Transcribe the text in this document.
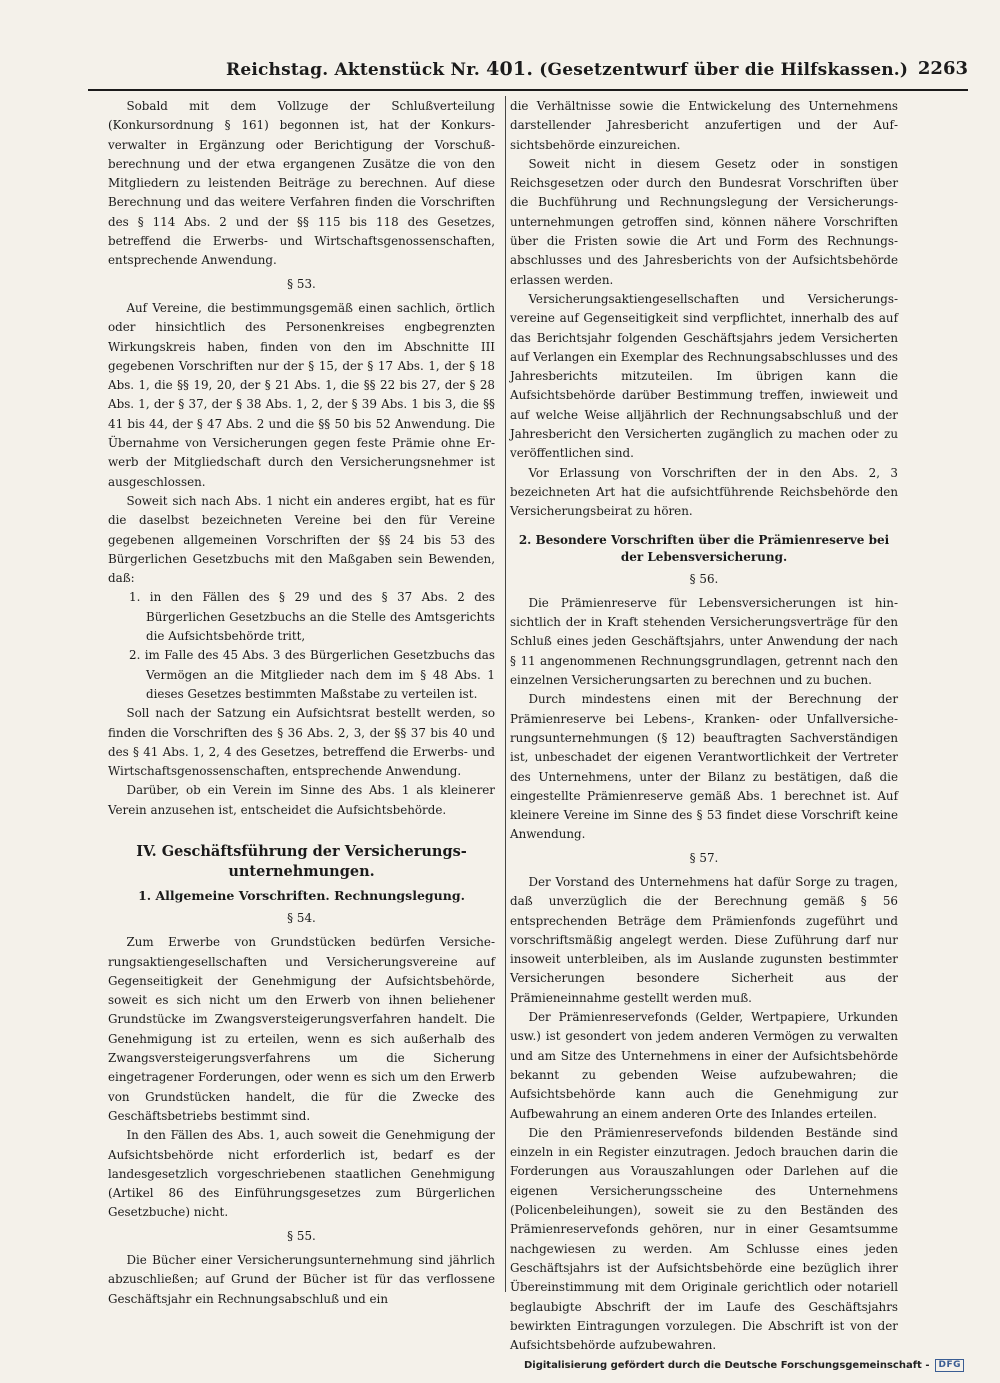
Reichstag. Aktenstück Nr. 401. (Gesetzentwurf über die Hilfskassen.) 2263

Sobald mit dem Vollzuge der Schlußverteilung (Konkursordnung § 161) begonnen ist, hat der Konkursverwalter in Ergänzung oder Berichtigung der Vorschußberechnung und der etwa ergangenen Zusätze die von den Mitgliedern zu leistenden Beiträge zu berechnen. Auf diese Berechnung und das weitere Verfahren finden die Vorschriften des § 114 Abs. 2 und der §§ 115 bis 118 des Gesetzes, betreffend die Erwerbs- und Wirtschaftsgenossenschaften, entsprechende Anwendung.

§ 53.

Auf Vereine, die bestimmungsgemäß einen sachlich, örtlich oder hinsichtlich des Personenkreises engbegrenzten Wirkungskreis haben, finden von den im Abschnitte III gegebenen Vorschriften nur der § 15, der § 17 Abs. 1, der § 18 Abs. 1, die §§ 19, 20, der § 21 Abs. 1, die §§ 22 bis 27, der § 28 Abs. 1, der § 37, der § 38 Abs. 1, 2, der § 39 Abs. 1 bis 3, die §§ 41 bis 44, der § 47 Abs. 2 und die §§ 50 bis 52 Anwendung. Die Übernahme von Versicherungen gegen feste Prämie ohne Erwerb der Mitgliedschaft durch den Versicherungsnehmer ist ausgeschlossen.

Soweit sich nach Abs. 1 nicht ein anderes ergibt, hat es für die daselbst bezeichneten Vereine bei den für Vereine gegebenen allgemeinen Vorschriften der §§ 24 bis 53 des Bürgerlichen Gesetzbuchs mit den Maßgaben sein Bewenden, daß:

1. in den Fällen des § 29 und des § 37 Abs. 2 des Bürgerlichen Gesetzbuchs an die Stelle des Amtsgerichts die Aufsichtsbehörde tritt,
2. im Falle des 45 Abs. 3 des Bürgerlichen Gesetzbuchs das Vermögen an die Mitglieder nach dem im § 48 Abs. 1 dieses Gesetzes bestimmten Maßstabe zu verteilen ist.

Soll nach der Satzung ein Aufsichtsrat bestellt werden, so finden die Vorschriften des § 36 Abs. 2, 3, der §§ 37 bis 40 und des § 41 Abs. 1, 2, 4 des Gesetzes, betreffend die Erwerbs- und Wirtschaftsgenossenschaften, entsprechende Anwendung.

Darüber, ob ein Verein im Sinne des Abs. 1 als kleinerer Verein anzusehen ist, entscheidet die Aufsichtsbehörde.

IV. Geschäftsführung der Versicherungsunternehmungen.
1. Allgemeine Vorschriften. Rechnungslegung.

§ 54.

Zum Erwerbe von Grundstücken bedürfen Versicherungsaktiengesellschaften und Versicherungsvereine auf Gegenseitigkeit der Genehmigung der Aufsichtsbehörde, soweit es sich nicht um den Erwerb von ihnen beliehener Grundstücke im Zwangsversteigerungsverfahren handelt. Die Genehmigung ist zu erteilen, wenn es sich außerhalb des Zwangsversteigerungsverfahrens um die Sicherung eingetragener Forderungen, oder wenn es sich um den Erwerb von Grundstücken handelt, die für die Zwecke des Geschäftsbetriebs bestimmt sind.

In den Fällen des Abs. 1, auch soweit die Genehmigung der Aufsichtsbehörde nicht erforderlich ist, bedarf es der landesgesetzlich vorgeschriebenen staatlichen Genehmigung (Artikel 86 des Einführungsgesetzes zum Bürgerlichen Gesetzbuche) nicht.

§ 55.

Die Bücher einer Versicherungsunternehmung sind jährlich abzuschließen; auf Grund der Bücher ist für das verflossene Geschäftsjahr ein Rechnungsabschluß und ein

die Verhältnisse sowie die Entwickelung des Unternehmens darstellender Jahresbericht anzufertigen und der Aufsichtsbehörde einzureichen.

Soweit nicht in diesem Gesetz oder in sonstigen Reichsgesetzen oder durch den Bundesrat Vorschriften über die Buchführung und Rechnungslegung der Versicherungsunternehmungen getroffen sind, können nähere Vorschriften über die Fristen sowie die Art und Form des Rechnungsabschlusses und des Jahresberichts von der Aufsichtsbehörde erlassen werden.

Versicherungsaktiengesellschaften und Versicherungsvereine auf Gegenseitigkeit sind verpflichtet, innerhalb des auf das Berichtsjahr folgenden Geschäftsjahrs jedem Versicherten auf Verlangen ein Exemplar des Rechnungsabschlusses und des Jahresberichts mitzuteilen. Im übrigen kann die Aufsichtsbehörde darüber Bestimmung treffen, inwieweit und auf welche Weise alljährlich der Rechnungsabschluß und der Jahresbericht den Versicherten zugänglich zu machen oder zu veröffentlichen sind.

Vor Erlassung von Vorschriften der in den Abs. 2, 3 bezeichneten Art hat die aufsichtführende Reichsbehörde den Versicherungsbeirat zu hören.

2. Besondere Vorschriften über die Prämienreserve bei der Lebensversicherung.

§ 56.

Die Prämienreserve für Lebensversicherungen ist hinsichtlich der in Kraft stehenden Versicherungsverträge für den Schluß eines jeden Geschäftsjahrs, unter Anwendung der nach § 11 angenommenen Rechnungsgrundlagen, getrennt nach den einzelnen Versicherungsarten zu berechnen und zu buchen.

Durch mindestens einen mit der Berechnung der Prämienreserve bei Lebens-, Kranken- oder Unfallversicherungsunternehmungen (§ 12) beauftragten Sachverständigen ist, unbeschadet der eigenen Verantwortlichkeit der Vertreter des Unternehmens, unter der Bilanz zu bestätigen, daß die eingestellte Prämienreserve gemäß Abs. 1 berechnet ist. Auf kleinere Vereine im Sinne des § 53 findet diese Vorschrift keine Anwendung.

§ 57.

Der Vorstand des Unternehmens hat dafür Sorge zu tragen, daß unverzüglich die der Berechnung gemäß § 56 entsprechenden Beträge dem Prämienfonds zugeführt und vorschriftsmäßig angelegt werden. Diese Zuführung darf nur insoweit unterbleiben, als im Auslande zugunsten bestimmter Versicherungen besondere Sicherheit aus der Prämieneinnahme gestellt werden muß.

Der Prämienreservefonds (Gelder, Wertpapiere, Urkunden usw.) ist gesondert von jedem anderen Vermögen zu verwalten und am Sitze des Unternehmens in einer der Aufsichtsbehörde bekannt zu gebenden Weise aufzubewahren; die Aufsichtsbehörde kann auch die Genehmigung zur Aufbewahrung an einem anderen Orte des Inlandes erteilen.

Die den Prämienreservefonds bildenden Bestände sind einzeln in ein Register einzutragen. Jedoch brauchen darin die Forderungen aus Vorauszahlungen oder Darlehen auf die eigenen Versicherungsscheine des Unternehmens (Policenbeleihungen), soweit sie zu den Beständen des Prämienreservefonds gehören, nur in einer Gesamtsumme nachgewiesen zu werden. Am Schlusse eines jeden Geschäftsjahrs ist der Aufsichtsbehörde eine bezüglich ihrer Übereinstimmung mit dem Originale gerichtlich oder notariell beglaubigte Abschrift der im Laufe des Geschäftsjahrs bewirkten Eintragungen vorzulegen. Die Abschrift ist von der Aufsichtsbehörde aufzubewahren.

Digitalisierung gefördert durch die Deutsche Forschungsgemeinschaft -	DFG
